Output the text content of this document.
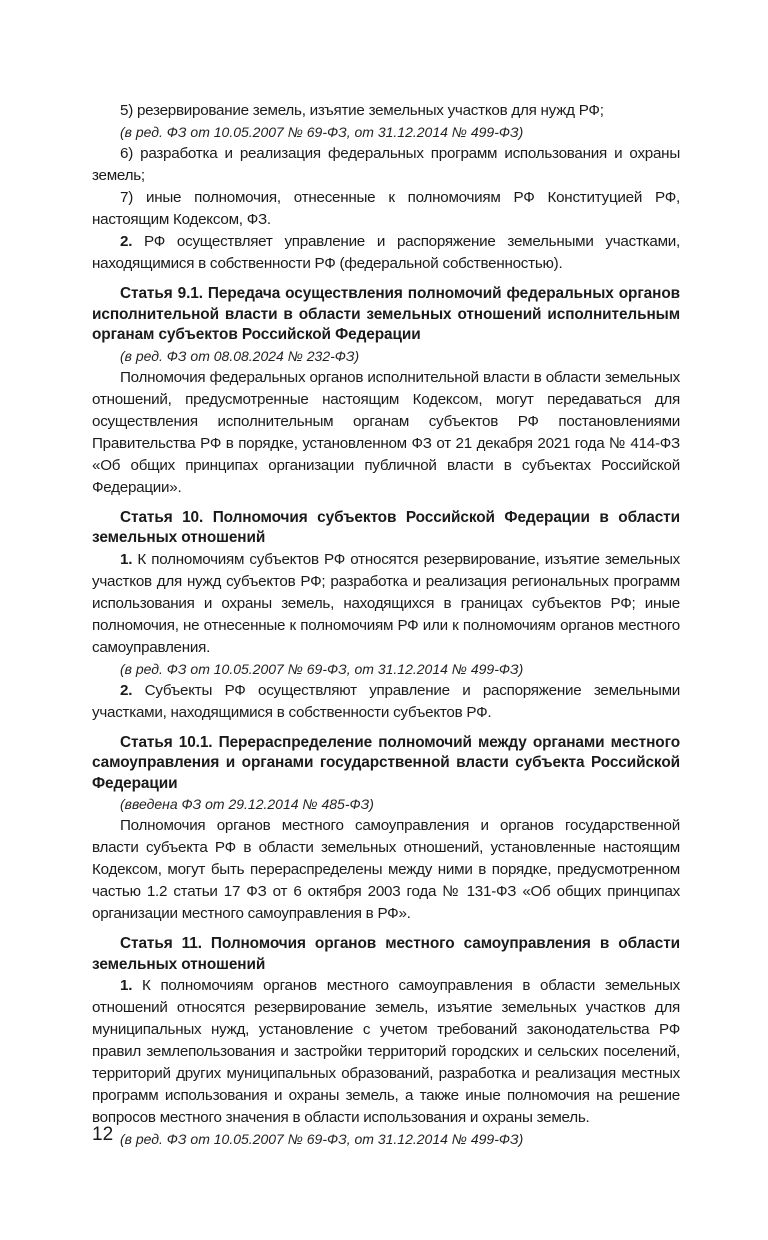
5) резервирование земель, изъятие земельных участков для нужд РФ;

(в ред. ФЗ от 10.05.2007 № 69-ФЗ, от 31.12.2014 № 499-ФЗ)

6) разработка и реализация федеральных программ использования и охраны земель;

7) иные полномочия, отнесенные к полномочиям РФ Конституцией РФ, настоящим Кодексом, ФЗ.

2. РФ осуществляет управление и распоряжение земельными участками, находящимися в собственности РФ (федеральной собственностью).

Статья 9.1. Передача осуществления полномочий федеральных органов исполнительной власти в области земельных отношений исполнительным органам субъектов Российской Федерации

(в ред. ФЗ от 08.08.2024 № 232-ФЗ)

Полномочия федеральных органов исполнительной власти в области земельных отношений, предусмотренные настоящим Кодексом, могут передаваться для осуществления исполнительным органам субъектов РФ постановлениями Правительства РФ в порядке, установленном ФЗ от 21 декабря 2021 года № 414-ФЗ «Об общих принципах организации публичной власти в субъектах Российской Федерации».

Статья 10. Полномочия субъектов Российской Федерации в области земельных отношений

1. К полномочиям субъектов РФ относятся резервирование, изъятие земельных участков для нужд субъектов РФ; разработка и реализация региональных программ использования и охраны земель, находящихся в границах субъектов РФ; иные полномочия, не отнесенные к полномочиям РФ или к полномочиям органов местного самоуправления.

(в ред. ФЗ от 10.05.2007 № 69-ФЗ, от 31.12.2014 № 499-ФЗ)

2. Субъекты РФ осуществляют управление и распоряжение земельными участками, находящимися в собственности субъектов РФ.

Статья 10.1. Перераспределение полномочий между органами местного самоуправления и органами государственной власти субъекта Российской Федерации

(введена ФЗ от 29.12.2014 № 485-ФЗ)

Полномочия органов местного самоуправления и органов государственной власти субъекта РФ в области земельных отношений, установленные настоящим Кодексом, могут быть перераспределены между ними в порядке, предусмотренном частью 1.2 статьи 17 ФЗ от 6 октября 2003 года № 131-ФЗ «Об общих принципах организации местного самоуправления в РФ».

Статья 11. Полномочия органов местного самоуправления в области земельных отношений

1. К полномочиям органов местного самоуправления в области земельных отношений относятся резервирование земель, изъятие земельных участков для муниципальных нужд, установление с учетом требований законодательства РФ правил землепользования и застройки территорий городских и сельских поселений, территорий других муниципальных образований, разработка и реализация местных программ использования и охраны земель, а также иные полномочия на решение вопросов местного значения в области использования и охраны земель.

(в ред. ФЗ от 10.05.2007 № 69-ФЗ, от 31.12.2014 № 499-ФЗ)

12
